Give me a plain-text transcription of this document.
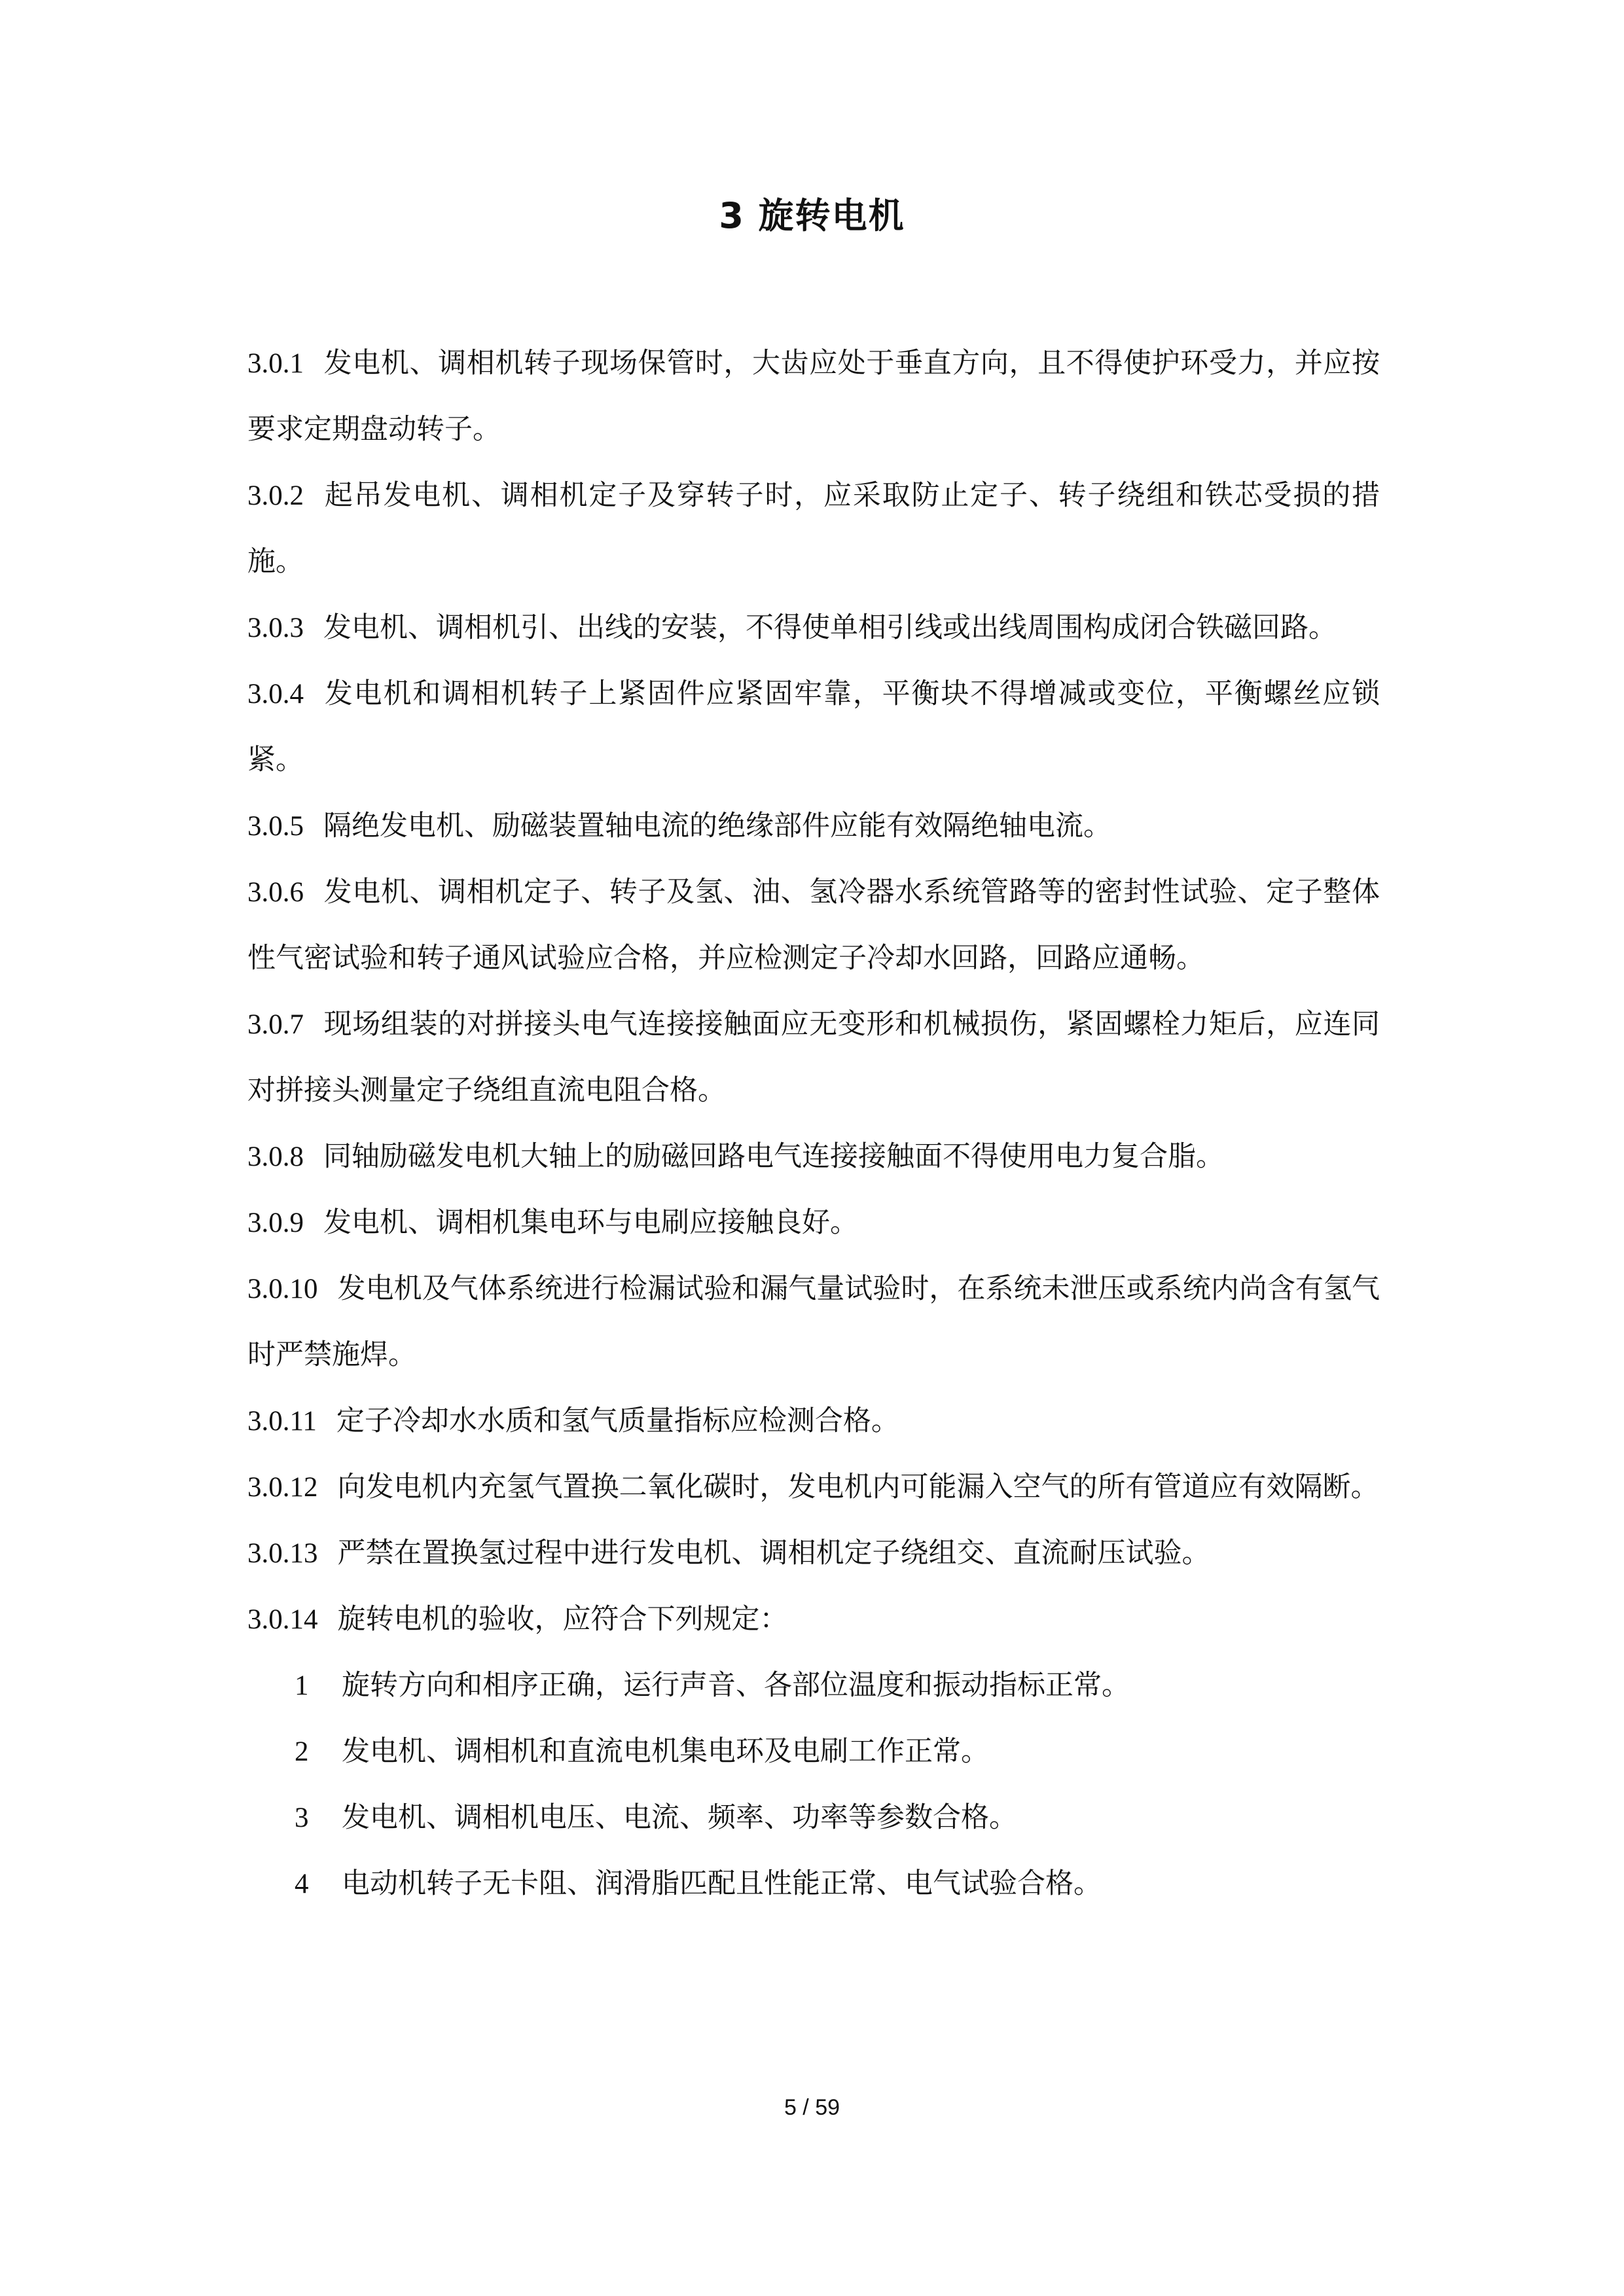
3 旋转电机

3.0.1 发电机、调相机转子现场保管时，大齿应处于垂直方向，且不得使护环受力，并应按要求定期盘动转子。

3.0.2 起吊发电机、调相机定子及穿转子时，应采取防止定子、转子绕组和铁芯受损的措施。

3.0.3 发电机、调相机引、出线的安装，不得使单相引线或出线周围构成闭合铁磁回路。

3.0.4 发电机和调相机转子上紧固件应紧固牢靠，平衡块不得增减或变位，平衡螺丝应锁紧。

3.0.5 隔绝发电机、励磁装置轴电流的绝缘部件应能有效隔绝轴电流。

3.0.6 发电机、调相机定子、转子及氢、油、氢冷器水系统管路等的密封性试验、定子整体性气密试验和转子通风试验应合格，并应检测定子冷却水回路，回路应通畅。

3.0.7 现场组装的对拼接头电气连接接触面应无变形和机械损伤，紧固螺栓力矩后，应连同对拼接头测量定子绕组直流电阻合格。

3.0.8 同轴励磁发电机大轴上的励磁回路电气连接接触面不得使用电力复合脂。

3.0.9 发电机、调相机集电环与电刷应接触良好。

3.0.10 发电机及气体系统进行检漏试验和漏气量试验时，在系统未泄压或系统内尚含有氢气时严禁施焊。

3.0.11 定子冷却水水质和氢气质量指标应检测合格。

3.0.12 向发电机内充氢气置换二氧化碳时，发电机内可能漏入空气的所有管道应有效隔断。

3.0.13 严禁在置换氢过程中进行发电机、调相机定子绕组交、直流耐压试验。

3.0.14 旋转电机的验收，应符合下列规定：

1 旋转方向和相序正确，运行声音、各部位温度和振动指标正常。

2 发电机、调相机和直流电机集电环及电刷工作正常。

3 发电机、调相机电压、电流、频率、功率等参数合格。

4 电动机转子无卡阻、润滑脂匹配且性能正常、电气试验合格。

5 / 59
